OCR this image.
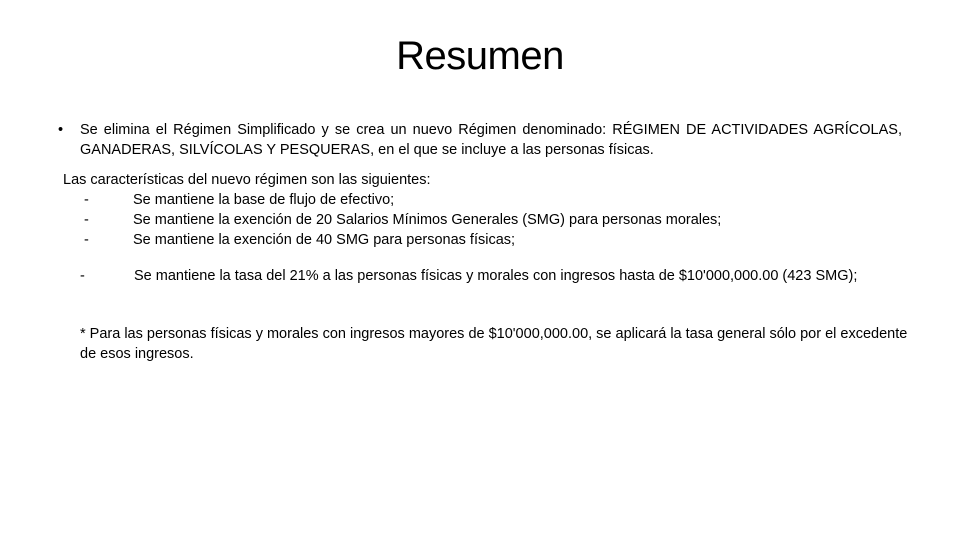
Resumen
• Se elimina el Régimen Simplificado y se crea un nuevo Régimen denominado: RÉGIMEN DE ACTIVIDADES AGRÍCOLAS, GANADERAS, SILVÍCOLAS Y PESQUERAS, en el que se incluye a las personas físicas.
Las características del nuevo régimen son las siguientes:
-	Se mantiene la base de flujo de efectivo;
-	Se mantiene la exención de 20 Salarios Mínimos Generales (SMG) para personas morales;
-	Se mantiene la exención de 40 SMG para personas físicas;
-	Se mantiene la tasa del 21% a las personas físicas y morales con ingresos hasta de $10'000,000.00 (423 SMG);
* Para las personas físicas y morales con ingresos mayores de $10'000,000.00, se aplicará la tasa general sólo por el excedente de esos ingresos.
